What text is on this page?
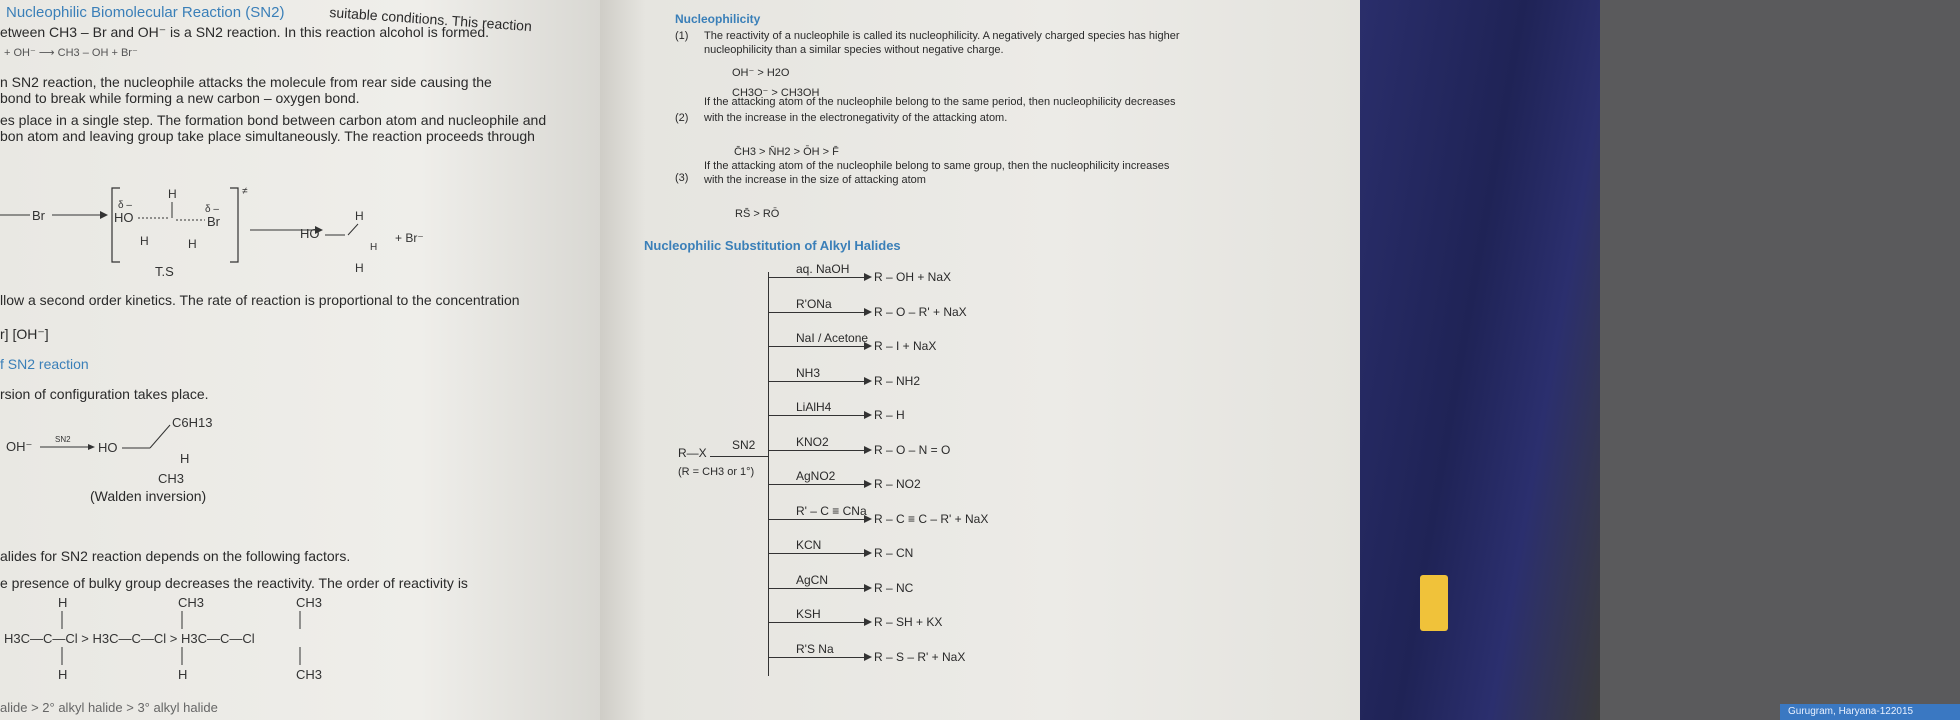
Nucleophilic Biomolecular Reaction (SN2)	suitable conditions. This reaction
etween CH3 – Br and OH⁻ is a SN2 reaction. In this reaction alcohol is formed.
+ OH⁻ ⟶ CH3 – OH + Br⁻
n SN2 reaction, the nucleophile attacks the molecule from rear side causing the
bond to break while forming a new carbon – oxygen bond.
es place in a single step. The formation bond between carbon atom and nucleophile and
bon atom and leaving group take place simultaneously. The reaction proceeds through
Br
≠
δ –
HO
H
δ –
Br
H	H
T.S
HO
H
H
H
+ Br⁻
llow a second order kinetics. The rate of reaction is proportional to the concentration
r] [OH⁻]
f SN2 reaction
rsion of configuration takes place.
OH⁻	SN2
HO
C6H13
H
CH3
(Walden inversion)
alides for SN2 reaction depends on the following factors.
e presence of bulky group decreases the reactivity. The order of reactivity is
H
H3C—C—Cl > H3C—C—Cl > H3C—C—Cl
H
CH3
H
CH3
CH3
alide > 2° alkyl halide > 3° alkyl halide
Nucleophilicity
(1) The reactivity of a nucleophile is called its nucleophilicity. A negatively charged species has higher
nucleophilicity than a similar species without negative charge.
OH⁻ > H2O
CH3O⁻ > CH3OH
(2)
If the attacking atom of the nucleophile belong to the same period, then nucleophilicity decreases
with the increase in the electronegativity of the attacking atom.
C̄H3 > N̄H2 > ŌH > F̄
(3)
If the attacking atom of the nucleophile belong to same group, then the nucleophilicity increases
with the increase in the size of attacking atom
RS̄ > RŌ
Nucleophilic Substitution of Alkyl Halides
R—X
(R = CH3 or 1°)
SN2
aq. NaOH
R – OH + NaX
R'ONa
R – O – R' + NaX
NaI / Acetone
R – I + NaX
NH3
R – NH2
LiAlH4
R – H
KNO2
R – O – N = O
AgNO2
R – NO2
R' – C ≡ CNa
R – C ≡ C – R' + NaX
KCN
R – CN
AgCN
R – NC
KSH
R – SH + KX
R'S Na
R – S – R' + NaX
Gurugram, Haryana-122015
